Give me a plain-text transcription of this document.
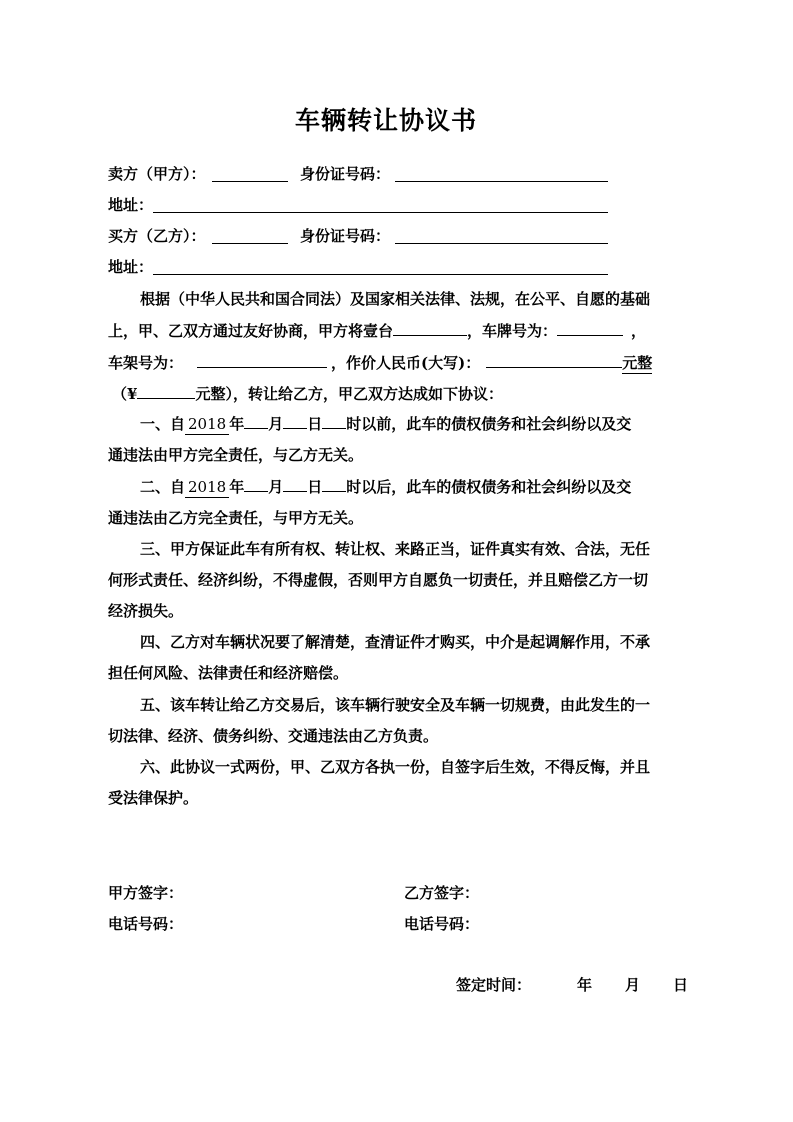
车辆转让协议书
卖方（甲方）：	身份证号码：
地址：
买方（乙方）：	身份证号码：
地址：
根据（中华人民共和国合同法）及国家相关法律、法规，在公平、自愿的基础
上，甲、乙双方通过友好协商，甲方将壹台	，车牌号为：	，
车架号为：	，作价人民币(大写)：	元整
（¥	元整），转让给乙方，甲乙双方达成如下协议：
一、自 2018 年 月 日 时以前，此车的债权债务和社会纠纷以及交
通违法由甲方完全责任，与乙方无关。
二、自 2018 年 月 日 时以后，此车的债权债务和社会纠纷以及交
通违法由乙方完全责任，与甲方无关。
三、甲方保证此车有所有权、转让权、来路正当，证件真实有效、合法，无任
何形式责任、经济纠纷，不得虚假，否则甲方自愿负一切责任，并且赔偿乙方一切
经济损失。
四、乙方对车辆状况要了解清楚，查清证件才购买，中介是起调解作用，不承
担任何风险、法律责任和经济赔偿。
五、该车转让给乙方交易后，该车辆行驶安全及车辆一切规费，由此发生的一
切法律、经济、债务纠纷、交通违法由乙方负责。
六、此协议一式两份，甲、乙双方各执一份，自签字后生效，不得反悔，并且
受法律保护。
甲方签字：	乙方签字：
电话号码：	电话号码：
签定时间：	年 月 日
